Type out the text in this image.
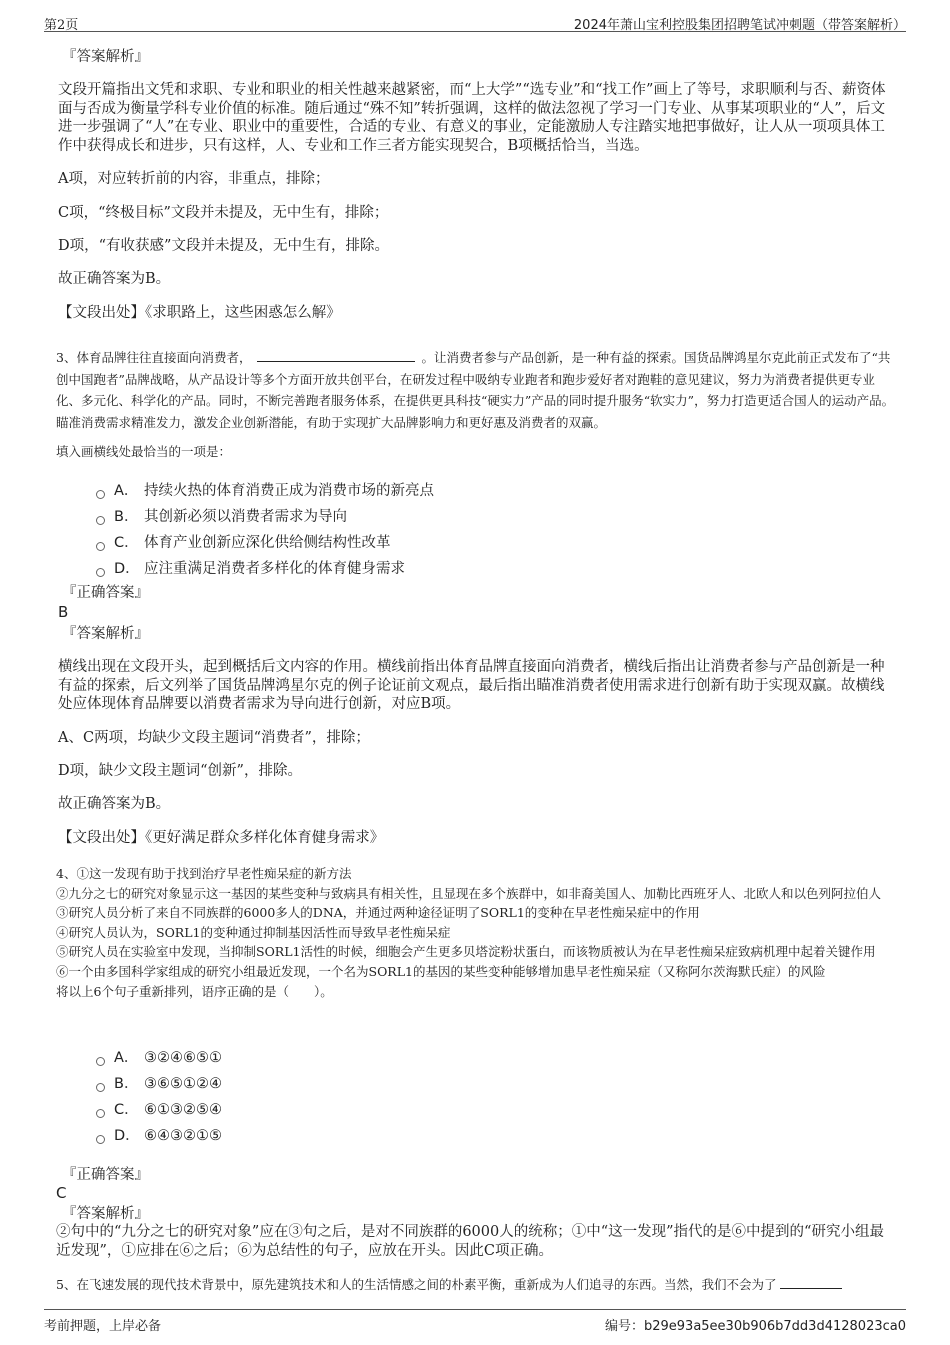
第2页	2024年萧山宝利控股集团招聘笔试冲刺题（带答案解析）
『答案解析』
文段开篇指出文凭和求职、专业和职业的相关性越来越紧密，而“上大学”“选专业”和“找工作”画上了等号，求职顺利与否、薪资体面与否成为衡量学科专业价值的标准。随后通过“殊不知”转折强调，这样的做法忽视了学习一门专业、从事某项职业的“人”，后文进一步强调了“人”在专业、职业中的重要性，合适的专业、有意义的事业，定能激励人专注踏实地把事做好，让人从一项项具体工作中获得成长和进步，只有这样，人、专业和工作三者方能实现契合，B项概括恰当，当选。
A项，对应转折前的内容，非重点，排除；
C项，“终极目标”文段并未提及，无中生有，排除；
D项，“有收获感”文段并未提及，无中生有，排除。
故正确答案为B。
【文段出处】《求职路上，这些困惑怎么解》
3、体育品牌往往直接面向消费者，	。让消费者参与产品创新，是一种有益的探索。国货品牌鸿星尔克此前正式发布了“共创中国跑者”品牌战略，从产品设计等多个方面开放共创平台，在研发过程中吸纳专业跑者和跑步爱好者对跑鞋的意见建议，努力为消费者提供更专业化、多元化、科学化的产品。同时，不断完善跑者服务体系，在提供更具科技“硬实力”产品的同时提升服务“软实力”，努力打造更适合国人的运动产品。瞄准消费需求精准发力，激发企业创新潜能，有助于实现扩大品牌影响力和更好惠及消费者的双赢。
填入画横线处最恰当的一项是：
A． 持续火热的体育消费正成为消费市场的新亮点
B． 其创新必须以消费者需求为导向
C． 体育产业创新应深化供给侧结构性改革
D． 应注重满足消费者多样化的体育健身需求
『正确答案』
B
『答案解析』
横线出现在文段开头，起到概括后文内容的作用。横线前指出体育品牌直接面向消费者，横线后指出让消费者参与产品创新是一种有益的探索，后文列举了国货品牌鸿星尔克的例子论证前文观点，最后指出瞄准消费者使用需求进行创新有助于实现双赢。故横线处应体现体育品牌要以消费者需求为导向进行创新，对应B项。
A、C两项，均缺少文段主题词“消费者”，排除；
D项，缺少文段主题词“创新”，排除。
故正确答案为B。
【文段出处】《更好满足群众多样化体育健身需求》
4、①这一发现有助于找到治疗早老性痴呆症的新方法
②九分之七的研究对象显示这一基因的某些变种与致病具有相关性，且显现在多个族群中，如非裔美国人、加勒比西班牙人、北欧人和以色列阿拉伯人
③研究人员分析了来自不同族群的6000多人的DNA，并通过两种途径证明了SORL1的变种在早老性痴呆症中的作用
④研究人员认为，SORL1的变种通过抑制基因活性而导致早老性痴呆症
⑤研究人员在实验室中发现，当抑制SORL1活性的时候，细胞会产生更多贝塔淀粉状蛋白，而该物质被认为在早老性痴呆症致病机理中起着关键作用
⑥一个由多国科学家组成的研究小组最近发现，一个名为SORL1的基因的某些变种能够增加患早老性痴呆症（又称阿尔茨海默氏症）的风险
将以上6个句子重新排列，语序正确的是（　　）。
A． ③②④⑥⑤①
B． ③⑥⑤①②④
C． ⑥①③②⑤④
D． ⑥④③②①⑤
『正确答案』
C
『答案解析』
②句中的“九分之七的研究对象”应在③句之后，是对不同族群的6000人的统称；①中“这一发现”指代的是⑥中提到的“研究小组最近发现”，①应排在⑥之后；⑥为总结性的句子，应放在开头。因此C项正确。
5、在飞速发展的现代技术背景中，原先建筑技术和人的生活情感之间的朴素平衡，重新成为人们追寻的东西。当然，我们不会为了
考前押题，上岸必备	编号：b29e93a5ee30b906b7dd3d4128023ca0
